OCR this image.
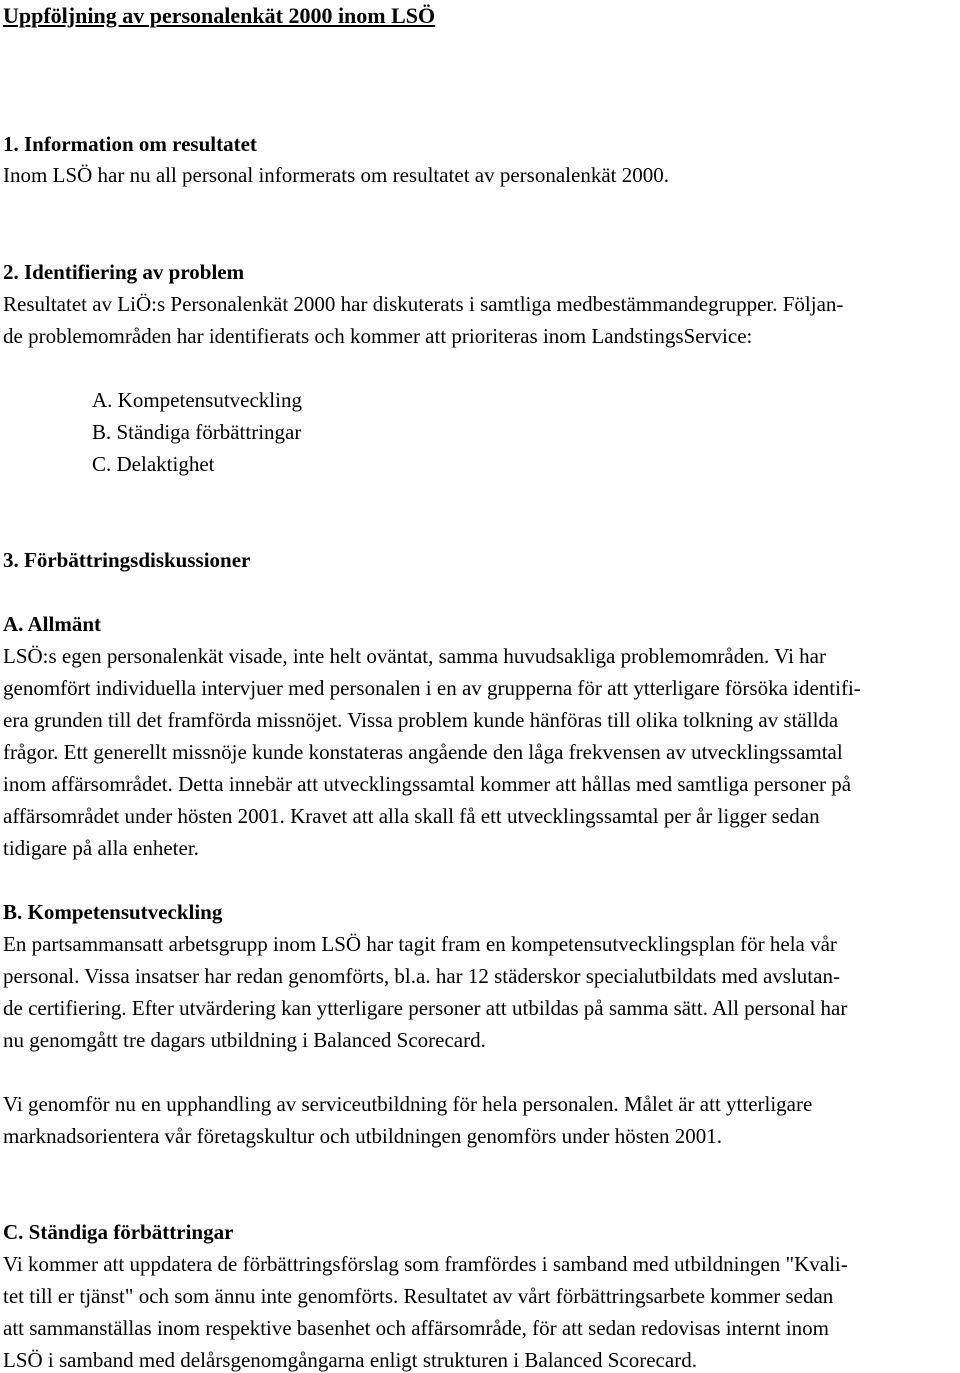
Uppföljning av personalenkät 2000 inom LSÖ
1. Information om resultatet
Inom LSÖ har nu all personal informerats om resultatet av personalenkät 2000.
2. Identifiering av problem
Resultatet av LiÖ:s Personalenkät 2000 har diskuterats i samtliga medbestämmandegrupper. Följan-
de problemområden har identifierats och kommer att prioriteras inom LandstingsService:
A. Kompetensutveckling
B. Ständiga förbättringar
C. Delaktighet
3. Förbättringsdiskussioner
A. Allmänt
LSÖ:s egen personalenkät visade, inte helt oväntat, samma huvudsakliga problemområden. Vi har
genomfört individuella intervjuer med personalen i en av grupperna för att ytterligare försöka identifi-
era grunden till det framförda missnöjet. Vissa problem kunde hänföras till olika tolkning av ställda
frågor. Ett generellt missnöje kunde konstateras angående den låga frekvensen av utvecklingssamtal
inom affärsområdet. Detta innebär att utvecklingssamtal kommer att hållas med samtliga personer på
affärsområdet under hösten 2001. Kravet att alla skall få ett utvecklingssamtal per år ligger sedan
tidigare på alla enheter.
B. Kompetensutveckling
En partsammansatt arbetsgrupp inom LSÖ har tagit fram en kompetensutvecklingsplan för hela vår
personal. Vissa insatser har redan genomförts, bl.a. har 12 städerskor specialutbildats med avslutan-
de certifiering. Efter utvärdering kan ytterligare personer att utbildas på samma sätt. All personal har
nu genomgått tre dagars utbildning i Balanced Scorecard.
Vi genomför nu en upphandling av serviceutbildning för hela personalen. Målet är att ytterligare
marknadsorientera vår företagskultur och utbildningen genomförs under hösten 2001.
C. Ständiga förbättringar
Vi kommer att uppdatera de förbättringsförslag som framfördes i samband med utbildningen "Kvali-
tet till er tjänst" och som ännu inte genomförts. Resultatet av vårt förbättringsarbete kommer sedan
att sammanställas inom respektive basenhet och affärsområde, för att sedan redovisas internt inom
LSÖ i samband med delårsgenomgångarna enligt strukturen i Balanced Scorecard.
